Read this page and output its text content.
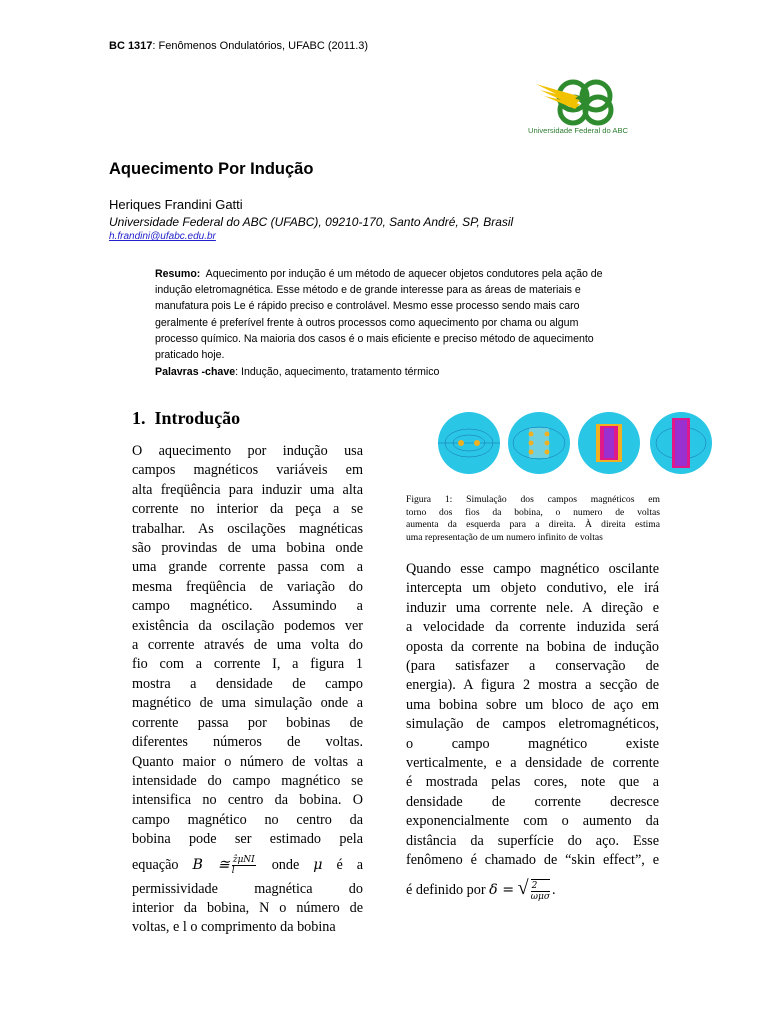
BC 1317: Fenômenos Ondulatórios, UFABC (2011.3)
Universidade Federal do ABC
Aquecimento Por Indução
Heriques Frandini Gatti
Universidade Federal do ABC (UFABC), 09210-170, Santo André, SP, Brasil
h.frandini@ufabc.edu.br
Resumo:  Aquecimento por indução é um método de aquecer objetos condutores pela ação de
indução eletromagnética. Esse método e de grande interesse para as áreas de materiais e
manufatura pois Le é rápido preciso e controlável. Mesmo esse processo sendo mais caro
geralmente é preferível frente à outros processos como aquecimento por chama ou algum
processo químico. Na maioria dos casos é o mais eficiente e preciso método de aquecimento
praticado hoje.
Palavras -chave: Indução, aquecimento, tratamento térmico
1.  Introdução
O aquecimento por indução usa
campos magnéticos variáveis em
alta freqüência para induzir uma alta
corrente no interior da peça a se
trabalhar. As oscilações magnéticas
são provindas de uma bobina onde
uma grande corrente passa com a
mesma freqüência de variação do
campo magnético. Assumindo a
existência da oscilação podemos ver
a corrente através de uma volta do
fio com a corrente I, a figura 1
mostra a densidade de campo
magnético de uma simulação onde a
corrente passa por bobinas de
diferentes números de voltas.
Quanto maior o número de voltas a
intensidade do campo magnético se
intensifica no centro da bobina. O
campo magnético no centro da
bobina pode ser estimado pela
equação B ≅ $\frac{\text{ẑμNI}}{l}$ onde μ é a
permissividade magnética do
interior da bobina, N o número de
voltas, e l o comprimento da bobina
Figura 1: Simulação dos campos magnéticos em
torno dos fios da bobina, o numero de voltas
aumenta da esquerda para a direita. À direita estima
uma representação de um numero infinito de voltas
Quando esse campo magnético oscilante
intercepta um objeto condutivo, ele irá
induzir uma corrente nele. A direção e
a velocidade da corrente induzida será
oposta da corrente na bobina de indução
(para satisfazer a conservação de
energia). A figura 2 mostra a secção de
uma bobina sobre um bloco de aço em
simulação de campos eletromagnéticos,
o campo magnético existe
verticalmente, e a densidade de corrente
é mostrada pelas cores, note que a
densidade de corrente decresce
exponencialmente com o aumento da
distância da superfície do aço. Esse
fenômeno é chamado de “skin effect”, e
é definido por δ = √ $\frac{2}{\text{ωμσ}}$ .
